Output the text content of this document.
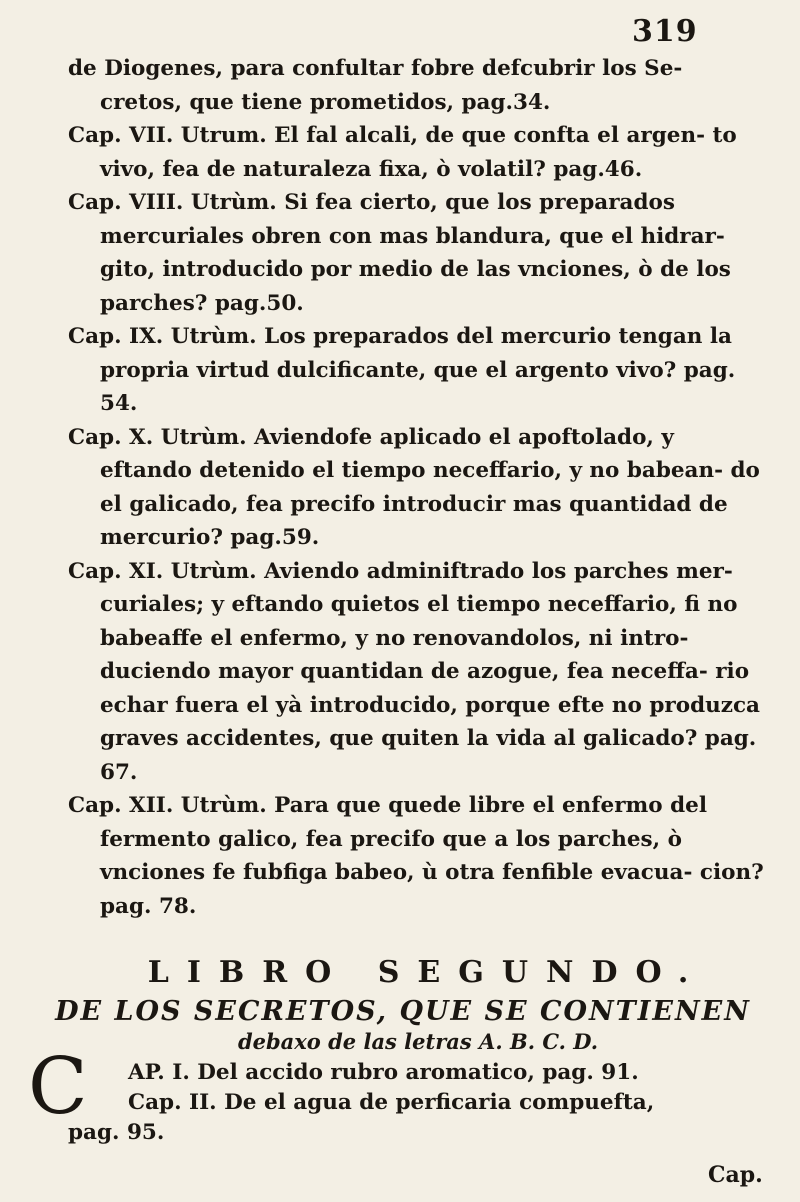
319

de Diogenes, para confultar fobre defcubrir los Se-
cretos, que tiene prometidos, pag.34.

Cap. VII. Utrum. El fal alcali, de que confta el argen- to vivo, fea de naturaleza fixa, ò volatil? pag.46.

Cap. VIII. Utrùm. Si fea cierto, que los preparados mercuriales obren con mas blandura, que el hidrar- gito, introducido por medio de las vnciones, ò de los parches? pag.50.

Cap. IX. Utrùm. Los preparados del mercurio tengan la propria virtud dulcificante, que el argento vivo? pag. 54.

Cap. X. Utrùm. Aviendofe aplicado el apoftolado, y eftando detenido el tiempo neceffario, y no babean- do el galicado, fea precifo introducir mas quantidad de mercurio? pag.59.

Cap. XI. Utrùm. Aviendo adminiftrado los parches mer- curiales; y eftando quietos el tiempo neceffario, fi no babeaffe el enfermo, y no renovandolos, ni intro- duciendo mayor quantidan de azogue, fea neceffa- rio echar fuera el yà introducido, porque efte no produzca graves accidentes, que quiten la vida al galicado? pag. 67.

Cap. XII. Utrùm. Para que quede libre el enfermo del fermento galico, fea precifo que a los parches, ò vnciones fe fubfiga babeo, ù otra fenfible evacua- cion? pag. 78.

LIBRO SEGUNDO.
DE LOS SECRETOS, QUE SE CONTIENEN
debaxo de las letras A. B. C. D.

C AP. I. Del accido rubro aromatico, pag. 91.

Cap. II. De el agua de perficaria compuefta,
pag. 95.

Cap.
